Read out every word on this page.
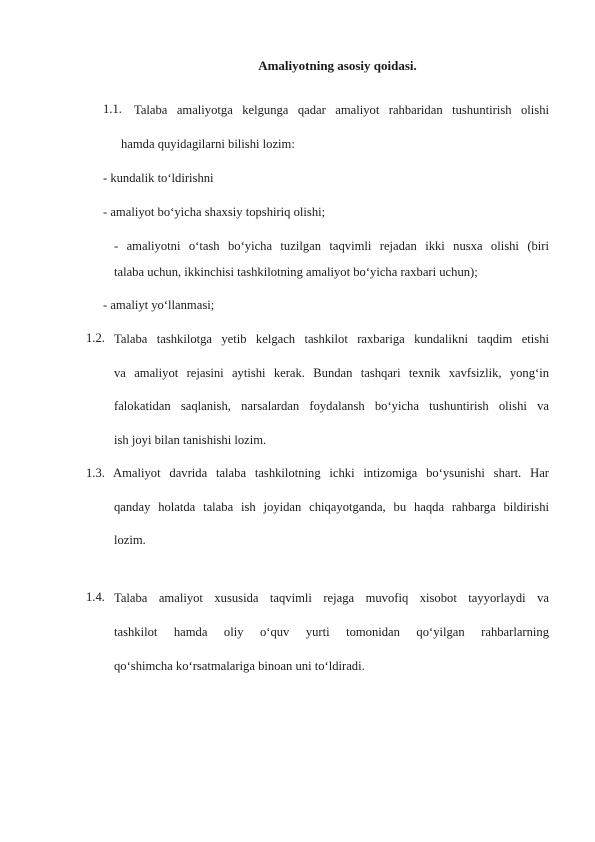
Amaliyotning asosiy qoidasi.
1.1. Talaba amaliyotga kelgunga qadar amaliyot rahbaridan tushuntirish olishi
hamda quyidagilarni bilishi lozim:
- kundalik to‘ldirishni
- amaliyot bo‘yicha shaxsiy topshiriq olishi;
- amaliyotni o‘tash bo‘yicha tuzilgan taqvimli rejadan ikki nusxa olishi (biri
talaba uchun, ikkinchisi tashkilotning amaliyot bo‘yicha raxbari uchun);
- amaliyt yo‘llanmasi;
1.2. Talaba tashkilotga yetib kelgach tashkilot raxbariga kundalikni taqdim etishi
va amaliyot rejasini aytishi kerak. Bundan tashqari texnik xavfsizlik, yong‘in
falokatidan saqlanish, narsalardan foydalansh bo‘yicha tushuntirish olishi va
ish joyi bilan tanishishi lozim.
1.3. Amaliyot davrida talaba tashkilotning ichki intizomiga bo‘ysunishi shart. Har
qanday holatda talaba ish joyidan chiqayotganda, bu haqda rahbarga bildirishi
lozim.
1.4. Talaba amaliyot xususida taqvimli rejaga muvofiq xisobot tayyorlaydi va
tashkilot hamda oliy o‘quv yurti tomonidan qo‘yilgan rahbarlarning
qo‘shimcha ko‘rsatmalariga binoan uni to‘ldiradi.
